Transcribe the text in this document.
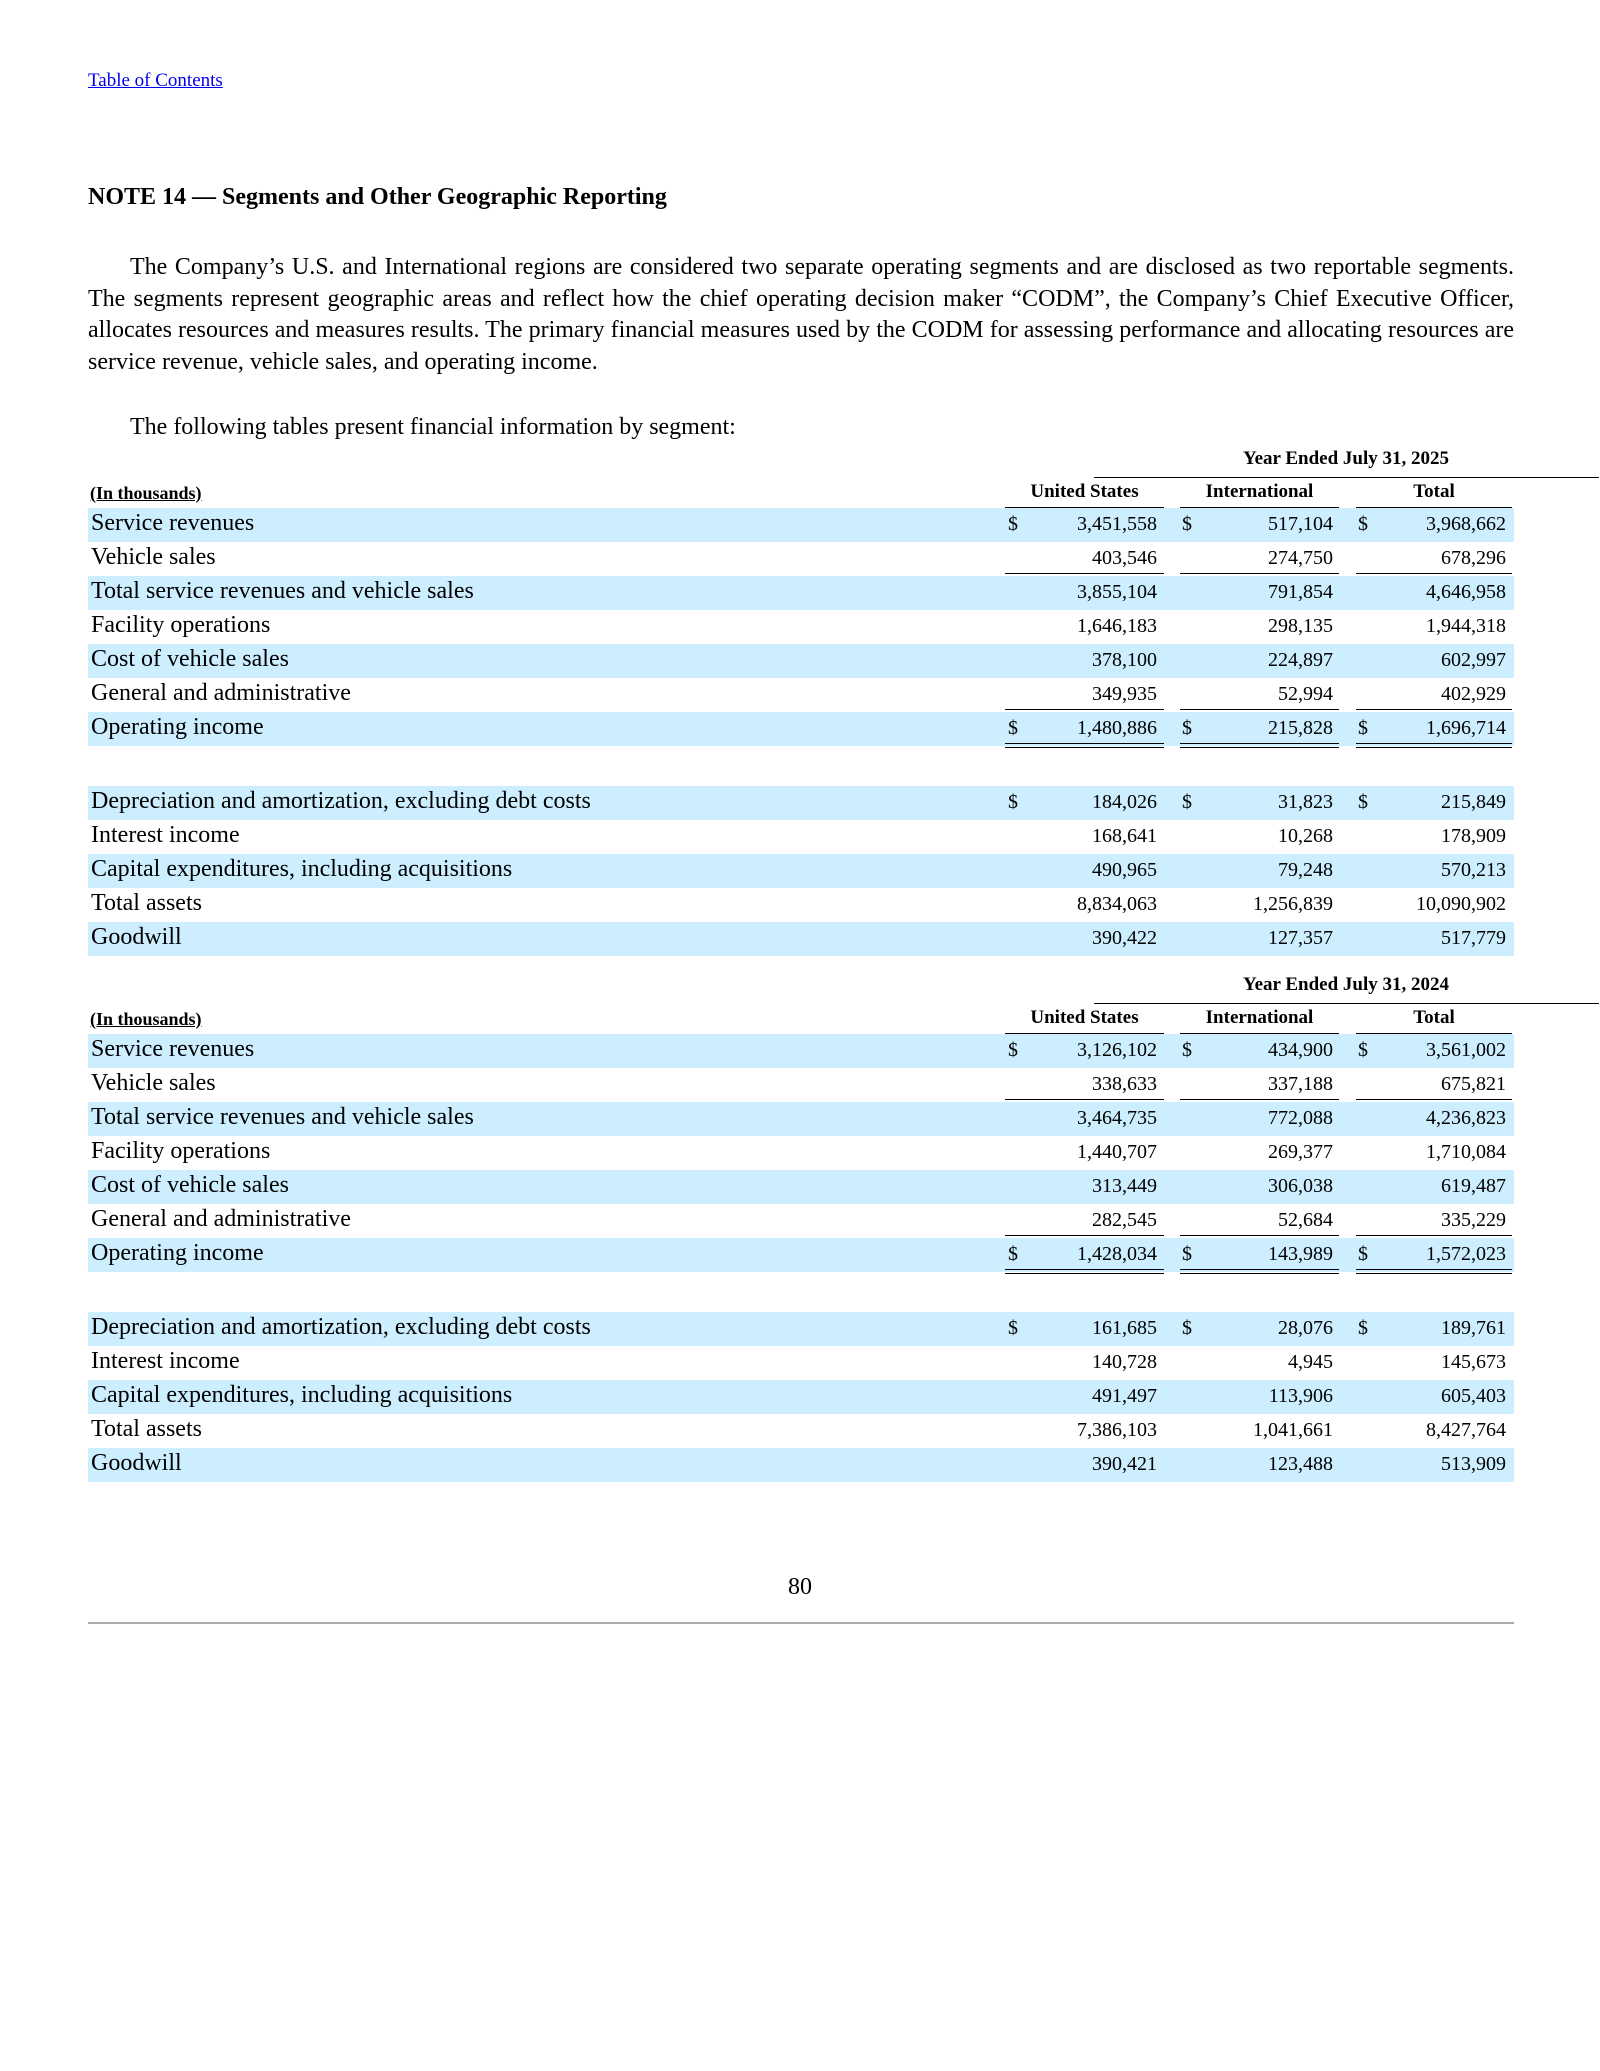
Table of Contents
NOTE 14 — Segments and Other Geographic Reporting

The Company’s U.S. and International regions are considered two separate operating segments and are disclosed as two reportable segments. The segments represent geographic areas and reflect how the chief operating decision maker “CODM”, the Company’s Chief Executive Officer, allocates resources and measures results. The primary financial measures used by the CODM for assessing performance and allocating resources are service revenue, vehicle sales, and operating income.

The following tables present financial information by segment:

Year Ended July 31, 2025
(In thousands)	United States	International	Total
Service revenues	$	3,451,558 $	517,104 $	3,968,662
Vehicle sales	403,546	274,750	678,296
Total service revenues and vehicle sales	3,855,104	791,854	4,646,958
Facility operations	1,646,183	298,135	1,944,318
Cost of vehicle sales	378,100	224,897	602,997
General and administrative	349,935	52,994	402,929
Operating income	$	1,480,886 $	215,828 $	1,696,714
Depreciation and amortization, excluding debt costs	$	184,026 $	31,823 $	215,849
Interest income	168,641	10,268	178,909
Capital expenditures, including acquisitions	490,965	79,248	570,213
Total assets	8,834,063	1,256,839	10,090,902
Goodwill	390,422	127,357	517,779
Year Ended July 31, 2024
(In thousands)	United States	International	Total
Service revenues	$	3,126,102 $	434,900 $	3,561,002
Vehicle sales	338,633	337,188	675,821
Total service revenues and vehicle sales	3,464,735	772,088	4,236,823
Facility operations	1,440,707	269,377	1,710,084
Cost of vehicle sales	313,449	306,038	619,487
General and administrative	282,545	52,684	335,229
Operating income	$	1,428,034 $	143,989 $	1,572,023
Depreciation and amortization, excluding debt costs	$	161,685 $	28,076 $	189,761
Interest income	140,728	4,945	145,673
Capital expenditures, including acquisitions	491,497	113,906	605,403
Total assets	7,386,103	1,041,661	8,427,764
Goodwill	390,421	123,488	513,909
80
